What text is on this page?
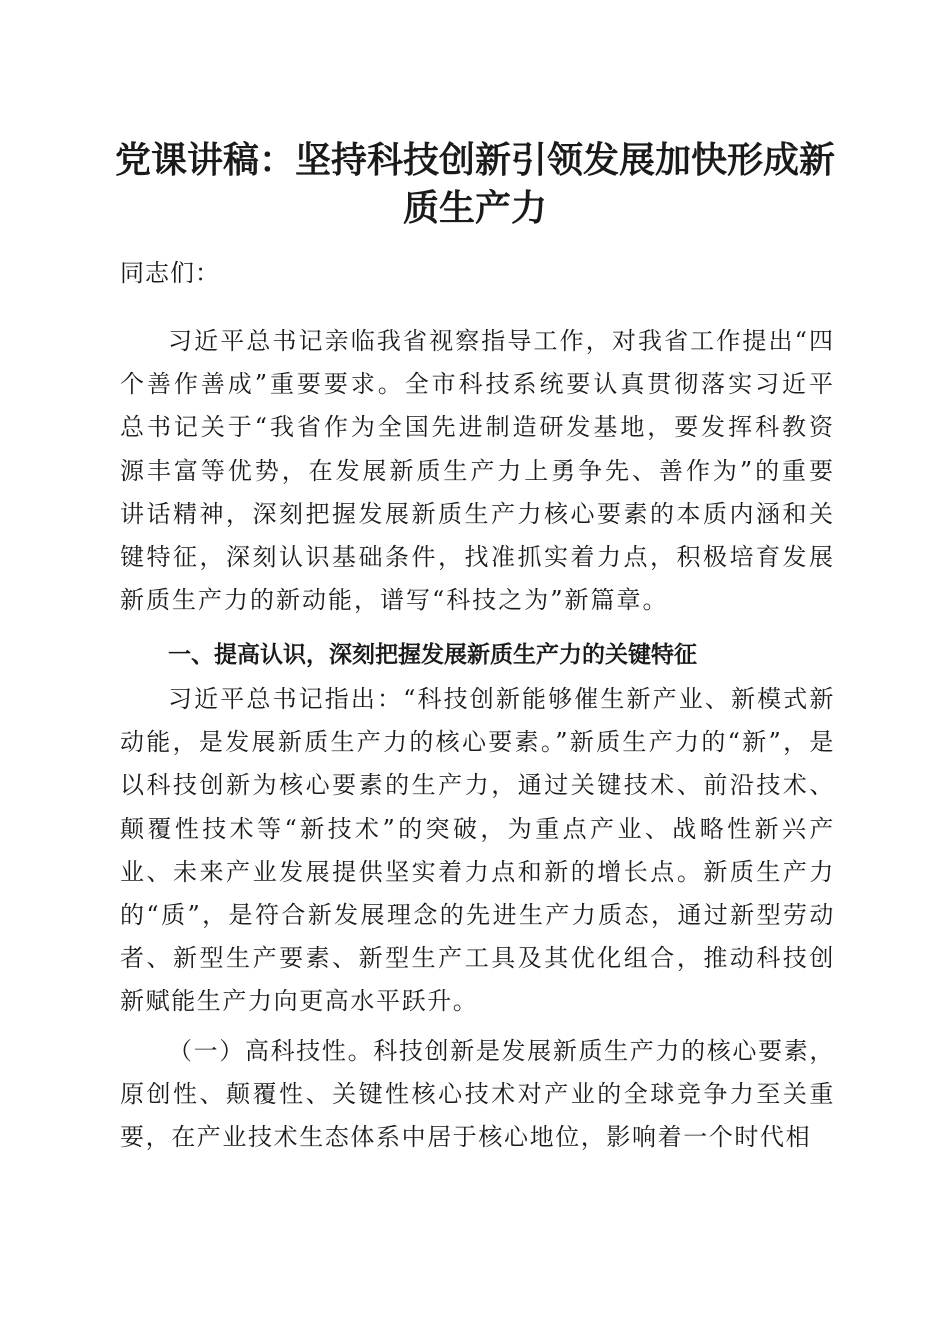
党课讲稿：坚持科技创新引领发展加快形成新
质生产力

同志们：

习近平总书记亲临我省视察指导工作，对我省工作提出“四个善作善成”重要要求。全市科技系统要认真贯彻落实习近平总书记关于“我省作为全国先进制造研发基地，要发挥科教资源丰富等优势，在发展新质生产力上勇争先、善作为”的重要讲话精神，深刻把握发展新质生产力核心要素的本质内涵和关键特征，深刻认识基础条件，找准抓实着力点，积极培育发展新质生产力的新动能，谱写“科技之为”新篇章。

一、提高认识，深刻把握发展新质生产力的关键特征

习近平总书记指出：“科技创新能够催生新产业、新模式新动能，是发展新质生产力的核心要素。”新质生产力的“新”，是以科技创新为核心要素的生产力，通过关键技术、前沿技术、颠覆性技术等“新技术”的突破，为重点产业、战略性新兴产业、未来产业发展提供坚实着力点和新的增长点。新质生产力的“质”，是符合新发展理念的先进生产力质态，通过新型劳动者、新型生产要素、新型生产工具及其优化组合，推动科技创新赋能生产力向更高水平跃升。

（一）高科技性。科技创新是发展新质生产力的核心要素，原创性、颠覆性、关键性核心技术对产业的全球竞争力至关重要，在产业技术生态体系中居于核心地位，影响着一个时代相
